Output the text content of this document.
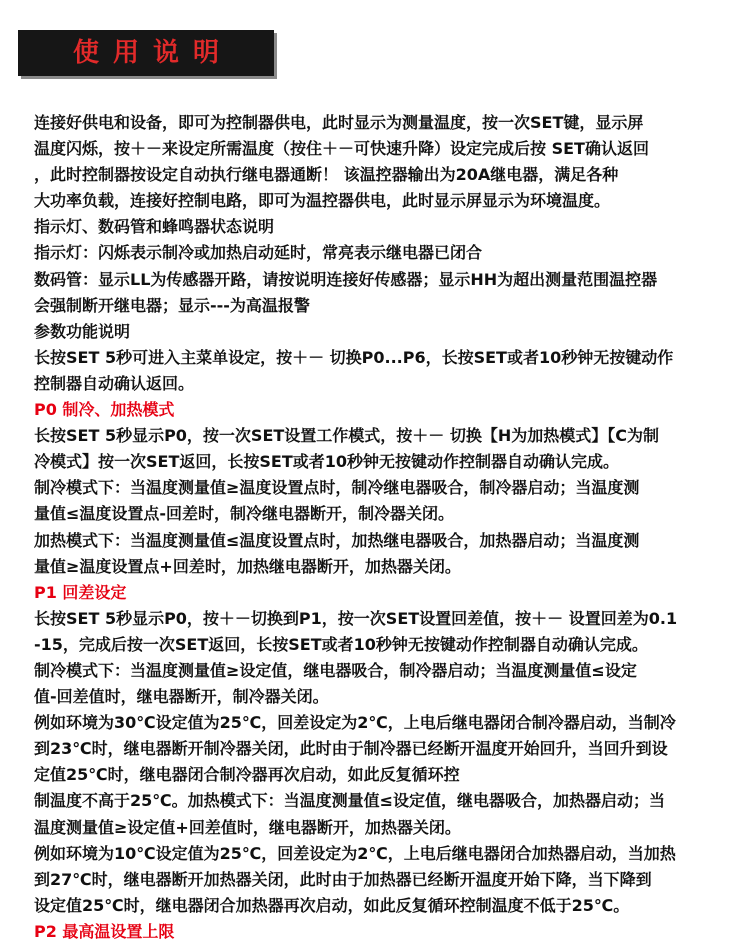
使用说明
连接好供电和设备，即可为控制器供电，此时显示为测量温度，按一次SET键，显示屏
温度闪烁，按＋－来设定所需温度（按住＋－可快速升降）设定完成后按 SET确认返回
，此时控制器按设定自动执行继电器通断！ 该温控器输出为20A继电器，满足各种
大功率负载，连接好控制电路，即可为温控器供电，此时显示屏显示为环境温度。
指示灯、数码管和蜂鸣器状态说明
指示灯：闪烁表示制冷或加热启动延时，常亮表示继电器已闭合
数码管：显示LL为传感器开路，请按说明连接好传感器；显示HH为超出测量范围温控器
会强制断开继电器；显示---为高温报警
参数功能说明
长按SET 5秒可进入主菜单设定，按＋－ 切换P0...P6，长按SET或者10秒钟无按键动作
控制器自动确认返回。
P0 制冷、加热模式
长按SET 5秒显示P0，按一次SET设置工作模式，按＋－ 切换【H为加热模式】【C为制
冷模式】按一次SET返回，长按SET或者10秒钟无按键动作控制器自动确认完成。
制冷模式下：当温度测量值≥温度设置点时，制冷继电器吸合，制冷器启动；当温度测
量值≤温度设置点-回差时，制冷继电器断开，制冷器关闭。
加热模式下：当温度测量值≤温度设置点时，加热继电器吸合，加热器启动；当温度测
量值≥温度设置点+回差时，加热继电器断开，加热器关闭。
P1 回差设定
长按SET 5秒显示P0，按＋－切换到P1，按一次SET设置回差值，按＋－ 设置回差为0.1
-15，完成后按一次SET返回，长按SET或者10秒钟无按键动作控制器自动确认完成。
制冷模式下：当温度测量值≥设定值，继电器吸合，制冷器启动；当温度测量值≤设定
值-回差值时，继电器断开，制冷器关闭。
例如环境为30℃设定值为25℃，回差设定为2℃，上电后继电器闭合制冷器启动，当制冷
到23℃时，继电器断开制冷器关闭，此时由于制冷器已经断开温度开始回升，当回升到设
定值25℃时，继电器闭合制冷器再次启动，如此反复循环控
制温度不高于25℃。加热模式下：当温度测量值≤设定值，继电器吸合，加热器启动；当
温度测量值≥设定值+回差值时，继电器断开，加热器关闭。
例如环境为10℃设定值为25℃，回差设定为2℃，上电后继电器闭合加热器启动，当加热
到27℃时，继电器断开加热器关闭，此时由于加热器已经断开温度开始下降，当下降到
设定值25℃时，继电器闭合加热器再次启动，如此反复循环控制温度不低于25℃。
P2 最高温设置上限
